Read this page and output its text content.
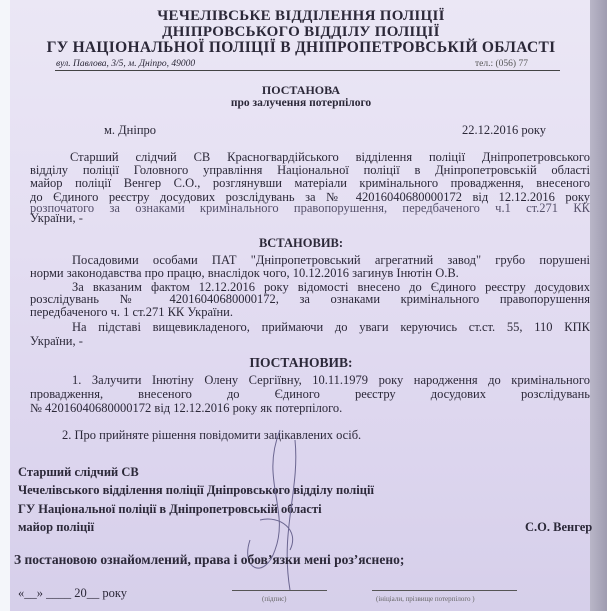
ЧЕЧЕЛІВСЬКЕ ВІДДІЛЕННЯ ПОЛІЦІЇ
ДНІПРОВСЬКОГО ВІДДІЛУ ПОЛІЦІЇ
ГУ НАЦІОНАЛЬНОЇ ПОЛІЦІЇ В ДНІПРОПЕТРОВСЬКІЙ ОБЛАСТІ
вул. Павлова, 3/5, м. Дніпро, 49000	тел.: (056) 77
ПОСТАНОВА
про залучення потерпілого
м. Дніпро	22.12.2016 року
Старший слідчий СВ Красногвардійського відділення поліції Дніпропетровського
відділу поліції Головного управління Національної поліції в Дніпропетровській області
майор поліції Венгер С.О., розглянувши матеріали кримінального провадження, внесеного
до Єдиного реєстру досудових розслідувань за № 42016040680000172 від 12.12.2016 року
розпочатого за ознаками кримінального правопорушення, передбаченого ч.1 ст.271 КК
України, -
ВСТАНОВИВ:
Посадовими особами ПАТ "Дніпропетровський агрегатний завод" грубо порушені
норми законодавства про працю, внаслідок чого, 10.12.2016 загинув Інютін О.В.
За вказаним фактом 12.12.2016 року відомості внесено до Єдиного реєстру досудових
розслідувань № 42016040680000172, за ознаками кримінального правопорушення
передбаченого ч. 1 ст.271 КК України.
На підставі вищевикладеного, приймаючи до уваги керуючись ст.ст. 55, 110 КПК
України, -
ПОСТАНОВИВ:
1. Залучити Інютіну Олену Сергіївну, 10.11.1979 року народження до кримінального
провадження, внесеного до Єдиного реєстру досудових розслідувань
№ 42016040680000172 від 12.12.2016 року як потерпілого.
2. Про прийняте рішення повідомити зацікавлених осіб.
Старший слідчий СВ
Чечелівського відділення поліції Дніпровського відділу поліції
ГУ Національної поліції в Дніпропетровській області
майор поліції	С.О. Венгер
З постановою ознайомлений, права і обов’язки мені роз’яснено;
«__» ____ 20__ року	(підпис)	(ініціали, прізвище потерпілого )
